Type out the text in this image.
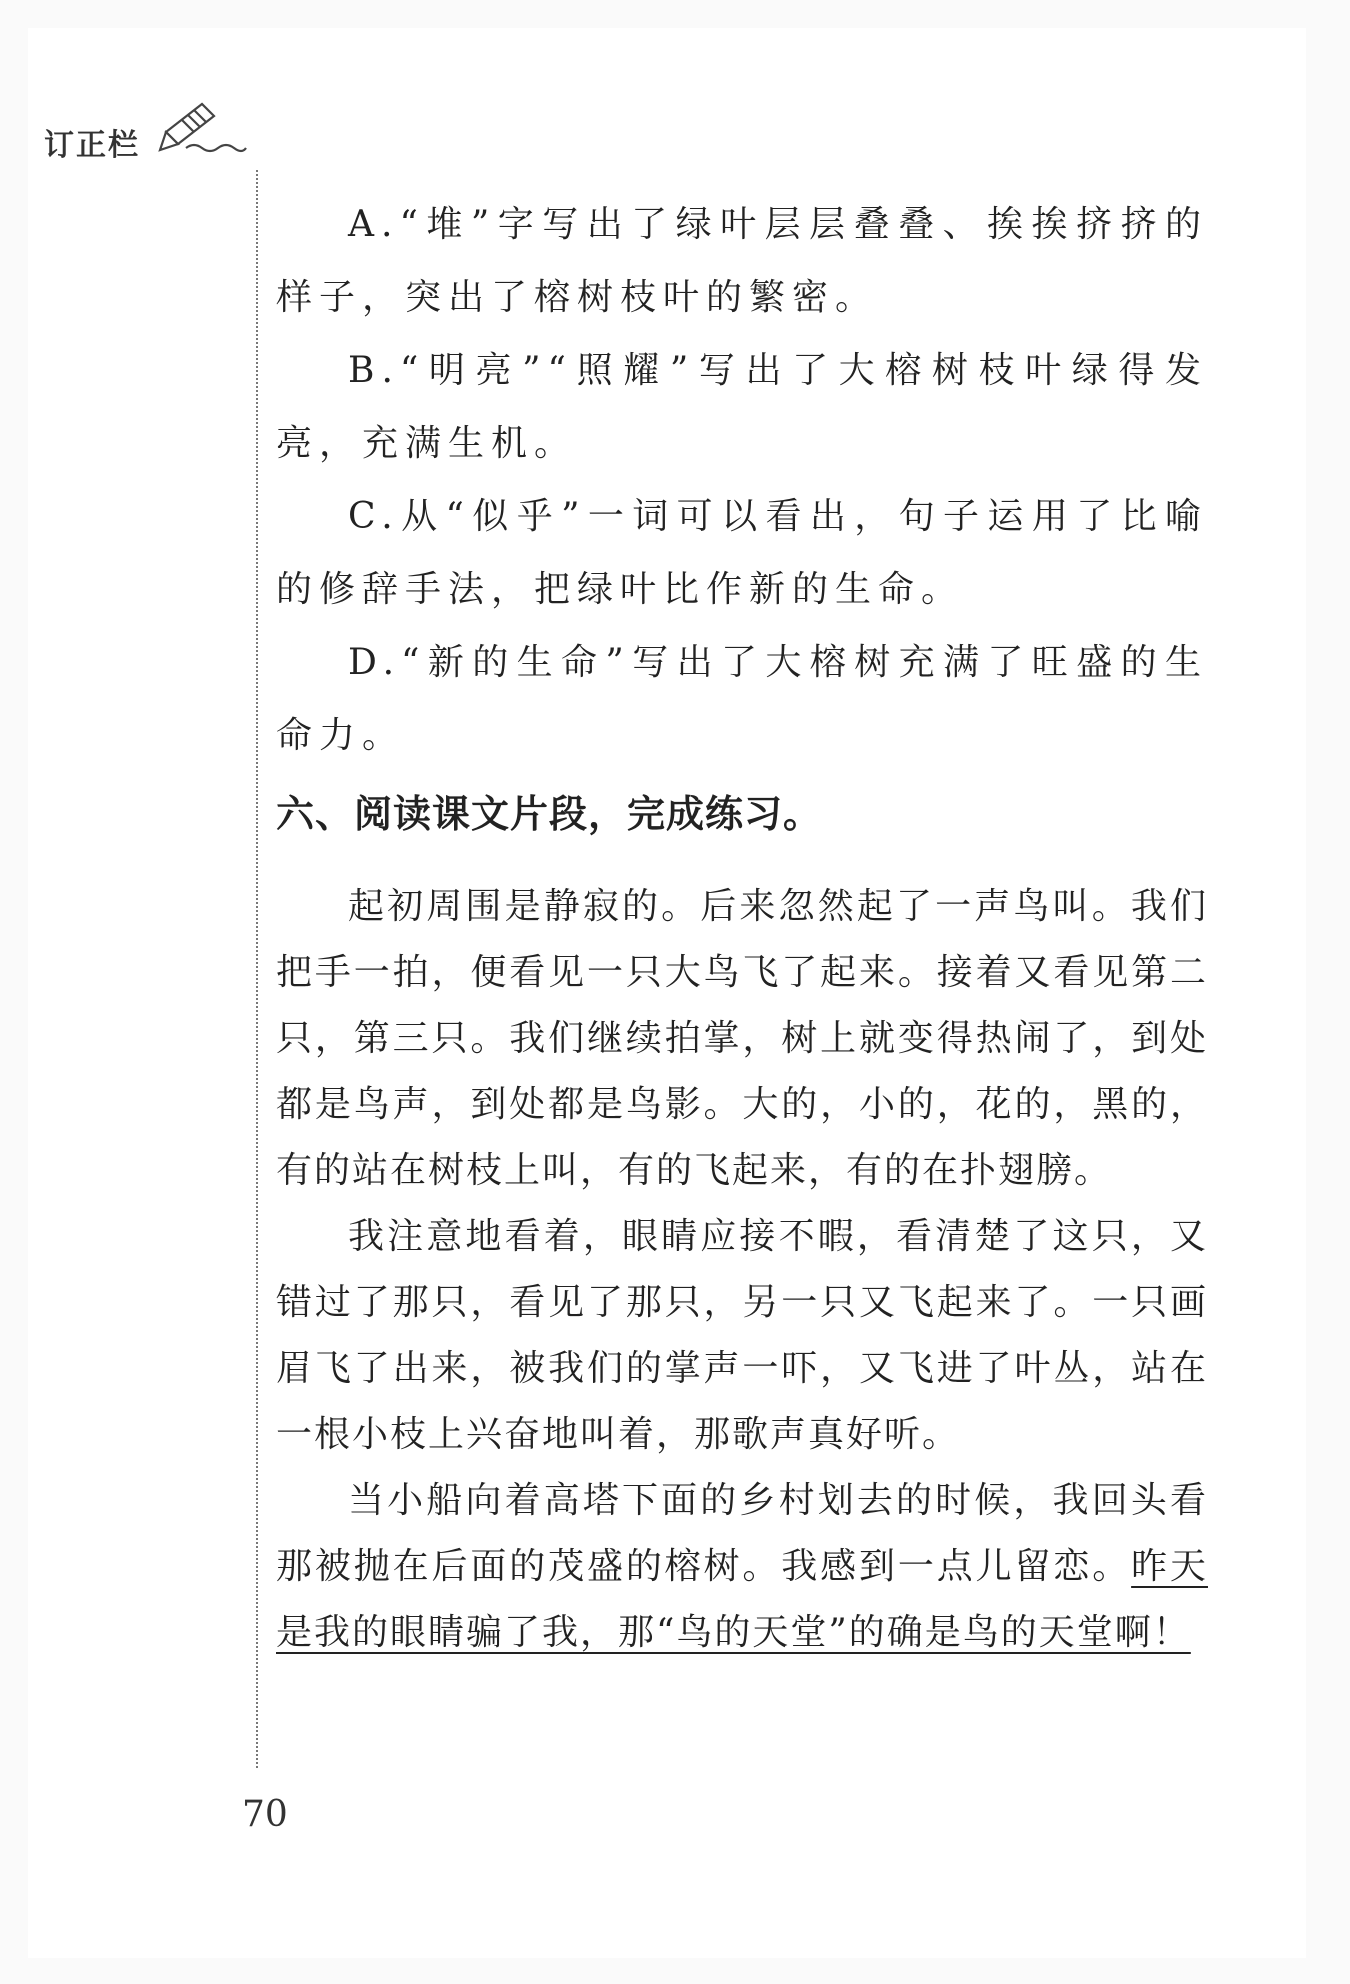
订正栏

A.“堆”字写出了绿叶层层叠叠、挨挨挤挤的样子，突出了榕树枝叶的繁密。

B.“明亮”“照耀”写出了大榕树枝叶绿得发亮，充满生机。

C.从“似乎”一词可以看出，句子运用了比喻的修辞手法，把绿叶比作新的生命。

D.“新的生命”写出了大榕树充满了旺盛的生命力。

六、阅读课文片段，完成练习。

起初周围是静寂的。后来忽然起了一声鸟叫。我们把手一拍，便看见一只大鸟飞了起来。接着又看见第二只，第三只。我们继续拍掌，树上就变得热闹了，到处都是鸟声，到处都是鸟影。大的，小的，花的，黑的，有的站在树枝上叫，有的飞起来，有的在扑翅膀。

我注意地看着，眼睛应接不暇，看清楚了这只，又错过了那只，看见了那只，另一只又飞起来了。一只画眉飞了出来，被我们的掌声一吓，又飞进了叶丛，站在一根小枝上兴奋地叫着，那歌声真好听。

当小船向着高塔下面的乡村划去的时候，我回头看那被抛在后面的茂盛的榕树。我感到一点儿留恋。昨天是我的眼睛骗了我，那“鸟的天堂”的确是鸟的天堂啊！

70
